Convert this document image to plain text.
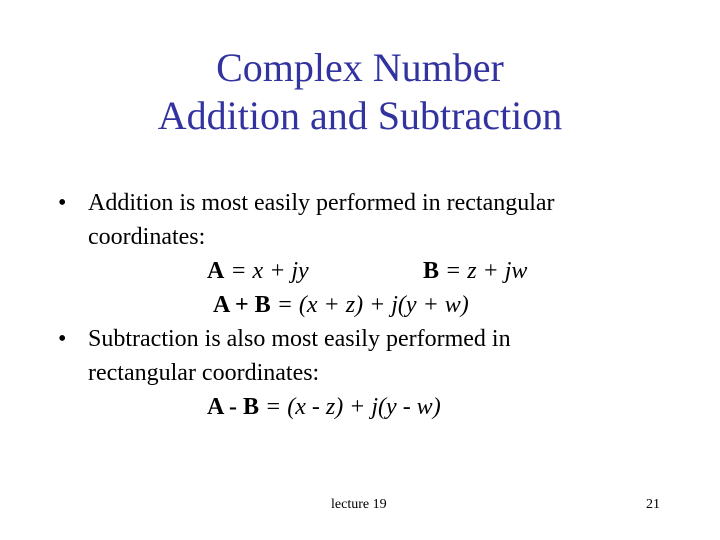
Complex Number
Addition and Subtraction
• Addition is most easily performed in rectangular
coordinates:
A = x + jy	B = z + jw
A + B = (x + z) + j(y + w)
• Subtraction is also most easily performed in
rectangular coordinates:
A - B = (x - z) + j(y - w)
lecture 19	21
